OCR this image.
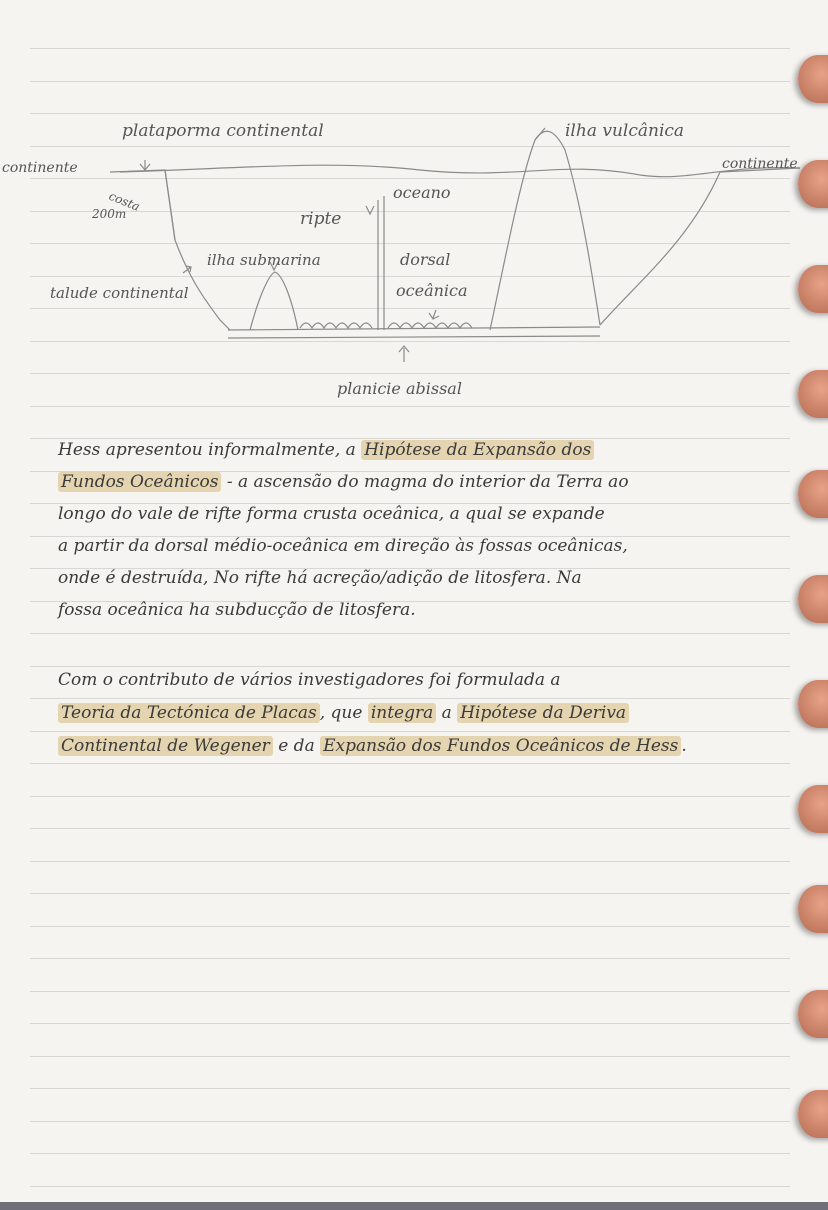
plataporma continental
continente
costa
200m
oceano
ripte
ilha submarina	dorsal
oceânica
talude continental
planicie abissal
ilha vulcânica
continente
Hess apresentou informalmente, a Hipótese da Expansão dos
Fundos Oceânicos - a ascensão do magma do interior da Terra ao
longo do vale de rifte forma crusta oceânica, a qual se expande
a partir da dorsal médio-oceânica em direção às fossas oceânicas,
onde é destruída, No rifte há acreção/adição de litosfera. Na
fossa oceânica ha subducção de litosfera.
Com o contributo de vários investigadores foi formulada a
Teoria da Tectónica de Placas , que integra a Hipótese da Deriva
Continental de Wegener e da Expansão dos Fundos Oceânicos de Hess .
